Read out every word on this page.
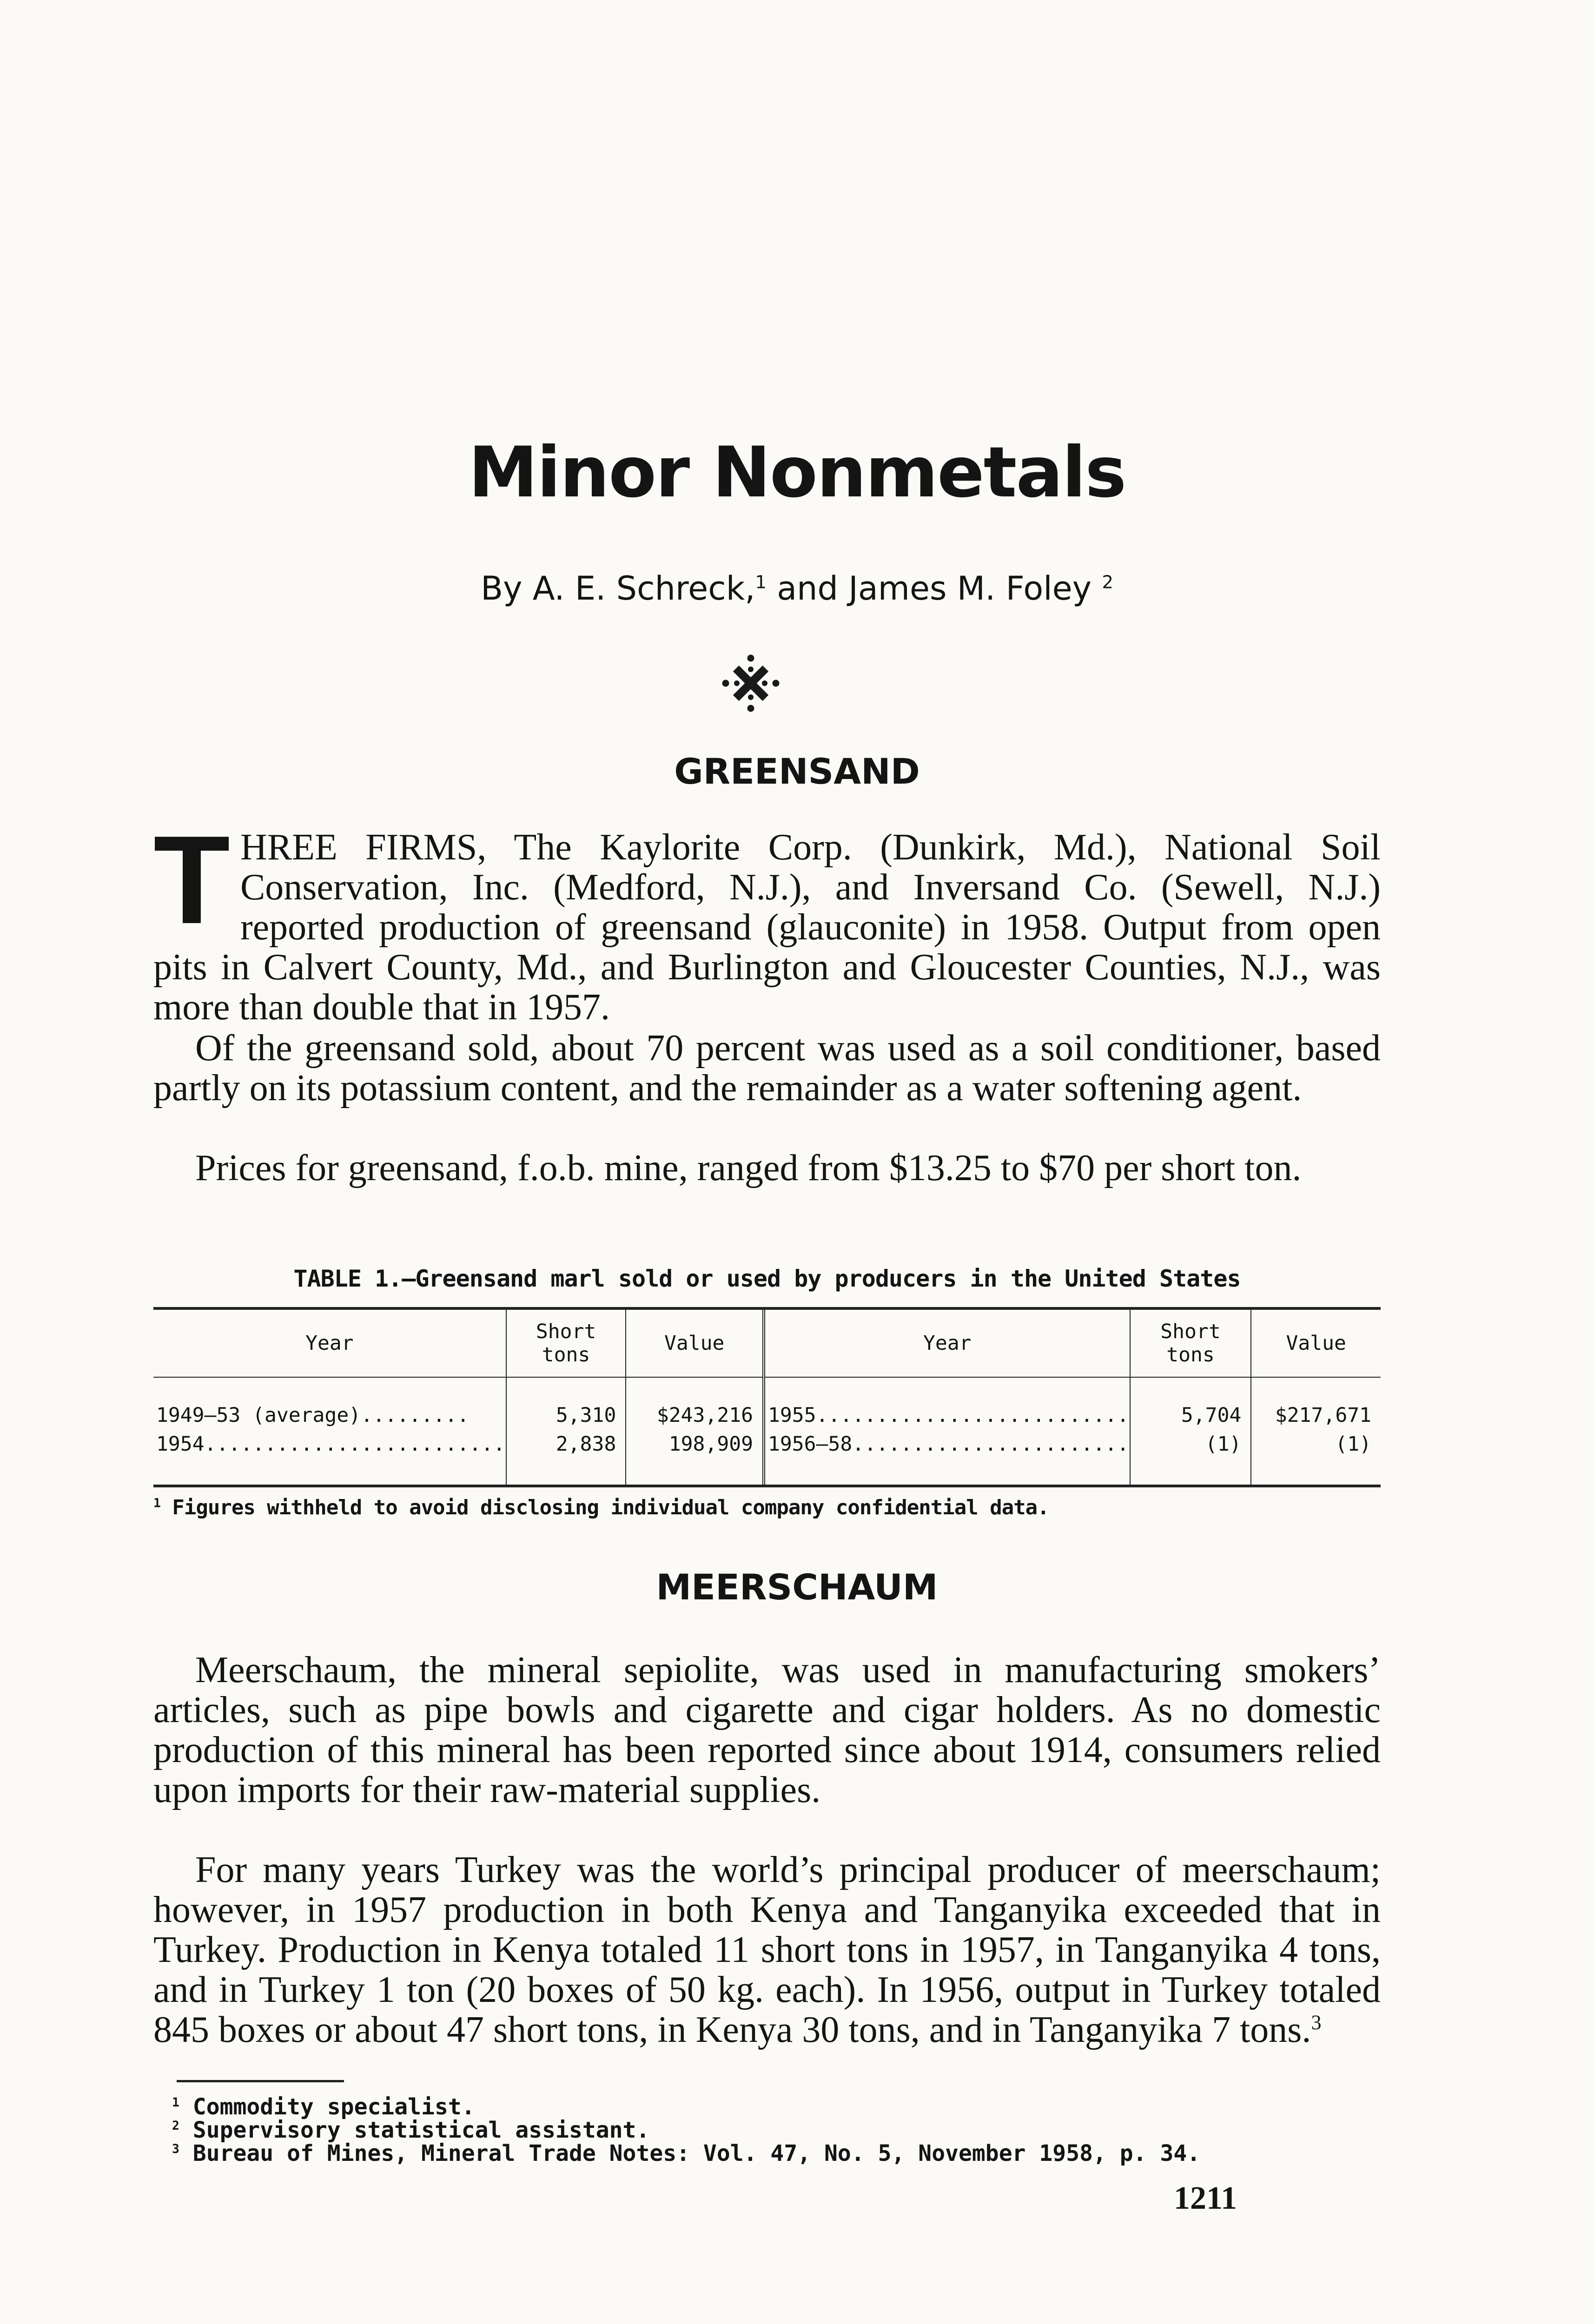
Minor Nonmetals
By A. E. Schreck,$^1$ and James M. Foley $^2$
GREENSAND

THREE FIRMS, The Kaylorite Corp. (Dunkirk, Md.), National Soil Conservation, Inc. (Medford, N.J.), and Inversand Co. (Sewell, N.J.) reported production of greensand (glauconite) in 1958. Output from open pits in Calvert County, Md., and Burlington and Gloucester Counties, N.J., was more than double that in 1957.

Of the greensand sold, about 70 percent was used as a soil conditioner, based partly on its potassium content, and the remainder as a water softening agent.

Prices for greensand, f.o.b. mine, ranged from $13.25 to $70 per short ton.

TABLE 1.—Greensand marl sold or used by producers in the United States
Year	Short tons	Value	Year	Short tons	Value
1949–53 (average).........	5,310	$243,216	1955..........................	5,704	$217,671
1954.........................	2,838	198,909	1956–58.......................	(1)	(1)
$^1$ Figures withheld to avoid disclosing individual company confidential data.
MEERSCHAUM

Meerschaum, the mineral sepiolite, was used in manufacturing smokers’ articles, such as pipe bowls and cigarette and cigar holders. As no domestic production of this mineral has been reported since about 1914, consumers relied upon imports for their raw-material supplies.

For many years Turkey was the world’s principal producer of meerschaum; however, in 1957 production in both Kenya and Tanganyika exceeded that in Turkey. Production in Kenya totaled 11 short tons in 1957, in Tanganyika 4 tons, and in Turkey 1 ton (20 boxes of 50 kg. each). In 1956, output in Turkey totaled 845 boxes or about 47 short tons, in Kenya 30 tons, and in Tanganyika 7 tons.$^3$

$^1$ Commodity specialist.
$^2$ Supervisory statistical assistant.
$^3$ Bureau of Mines, Mineral Trade Notes: Vol. 47, No. 5, November 1958, p. 34.
1211
